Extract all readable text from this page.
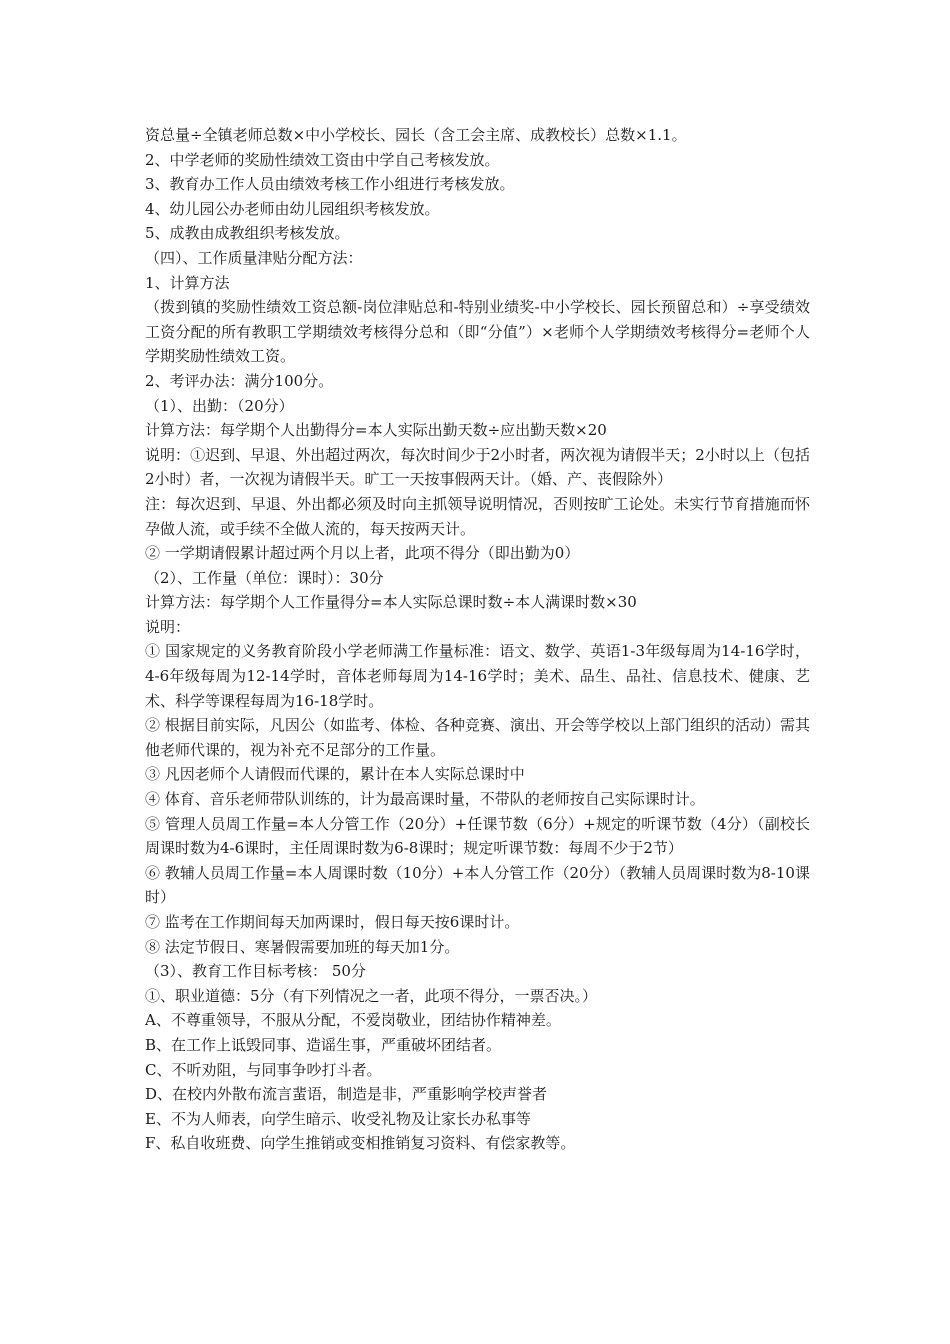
资总量÷全镇老师总数×中小学校长、园长（含工会主席、成教校长）总数×1.1。

2、中学老师的奖励性绩效工资由中学自己考核发放。

3、教育办工作人员由绩效考核工作小组进行考核发放。

4、幼儿园公办老师由幼儿园组织考核发放。

5、成教由成教组织考核发放。

（四）、工作质量津贴分配方法：

1、计算方法

（拨到镇的奖励性绩效工资总额-岗位津贴总和-特别业绩奖-中小学校长、园长预留总和）÷享受绩效工资分配的所有教职工学期绩效考核得分总和（即“分值”）×老师个人学期绩效考核得分=老师个人学期奖励性绩效工资。

2、考评办法：满分100分。

（1）、出勤：（20分）

计算方法：每学期个人出勤得分=本人实际出勤天数÷应出勤天数×20

说明：①迟到、早退、外出超过两次，每次时间少于2小时者，两次视为请假半天；2小时以上（包括2小时）者，一次视为请假半天。旷工一天按事假两天计。（婚、产、丧假除外）

注：每次迟到、早退、外出都必须及时向主抓领导说明情况，否则按旷工论处。未实行节育措施而怀孕做人流，或手续不全做人流的，每天按两天计。

② 一学期请假累计超过两个月以上者，此项不得分（即出勤为0）

（2）、工作量（单位：课时）：30分

计算方法：每学期个人工作量得分=本人实际总课时数÷本人满课时数×30

说明：

① 国家规定的义务教育阶段小学老师满工作量标准：语文、数学、英语1-3年级每周为14-16学时，4-6年级每周为12-14学时，音体老师每周为14-16学时；美术、品生、品社、信息技术、健康、艺术、科学等课程每周为16-18学时。

② 根据目前实际，凡因公（如监考、体检、各种竞赛、演出、开会等学校以上部门组织的活动）需其他老师代课的，视为补充不足部分的工作量。

③ 凡因老师个人请假而代课的，累计在本人实际总课时中

④ 体育、音乐老师带队训练的，计为最高课时量，不带队的老师按自己实际课时计。

⑤ 管理人员周工作量=本人分管工作（20分）+任课节数（6分）+规定的听课节数（4分）（副校长周课时数为4-6课时，主任周课时数为6-8课时；规定听课节数：每周不少于2节）

⑥ 教辅人员周工作量=本人周课时数（10分）+本人分管工作（20分）（教辅人员周课时数为8-10课时）

⑦ 监考在工作期间每天加两课时，假日每天按6课时计。

⑧ 法定节假日、寒暑假需要加班的每天加1分。

（3）、教育工作目标考核： 50分

①、职业道德：5分（有下列情况之一者，此项不得分，一票否决。）

A、不尊重领导，不服从分配，不爱岗敬业，团结协作精神差。

B、在工作上诋毁同事、造谣生事，严重破坏团结者。

C、不听劝阻，与同事争吵打斗者。

D、在校内外散布流言蜚语，制造是非，严重影响学校声誉者

E、不为人师表，向学生暗示、收受礼物及让家长办私事等

F、私自收班费、向学生推销或变相推销复习资料、有偿家教等。
